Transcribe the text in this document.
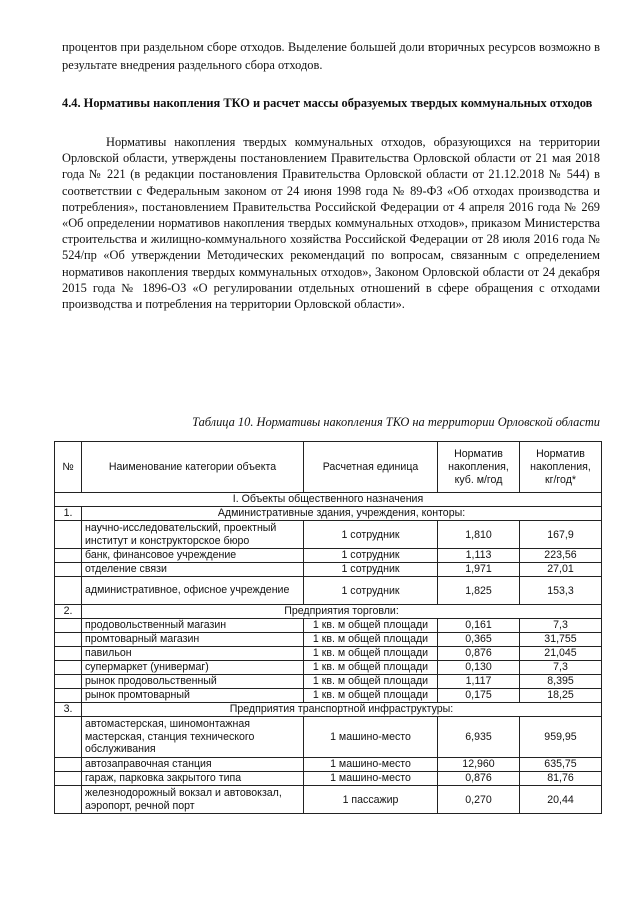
процентов при раздельном сборе отходов. Выделение большей доли вторичных ресурсов возможно в результате внедрения раздельного сбора отходов.

4.4. Нормативы накопления ТКО и расчет массы образуемых твердых коммунальных отходов

Нормативы накопления твердых коммунальных отходов, образующихся на территории Орловской области, утверждены постановлением Правительства Орловской области от 21 мая 2018 года № 221 (в редакции постановления Правительства Орловской области от 21.12.2018 № 544) в соответствии с Федеральным законом от 24 июня 1998 года № 89-ФЗ «Об отходах производства и потребления», постановлением Правительства Российской Федерации от 4 апреля 2016 года № 269 «Об определении нормативов накопления твердых коммунальных отходов», приказом Министерства строительства и жилищно-коммунального хозяйства Российской Федерации от 28 июля 2016 года № 524/пр «Об утверждении Методических рекомендаций по вопросам, связанным с определением нормативов накопления твердых коммунальных отходов», Законом Орловской области от 24 декабря 2015 года № 1896-ОЗ «О регулировании отдельных отношений в сфере обращения с отходами производства и потребления на территории Орловской области».

Таблица 10. Нормативы накопления ТКО на территории Орловской области

№	Наименование категории объекта	Расчетная единица	Норматив накопления, куб. м/год	Норматив накопления, кг/год*
I. Объекты общественного назначения				
1.	Административные здания, учреждения, конторы:			
	научно-исследовательский, проектный институт и конструкторское бюро	1 сотрудник	1,810	167,9
	банк, финансовое учреждение	1 сотрудник	1,113	223,56
	отделение связи	1 сотрудник	1,971	27,01
	административное, офисное учреждение	1 сотрудник	1,825	153,3
2.	Предприятия торговли:			
	продовольственный магазин	1 кв. м общей площади	0,161	7,3
	промтоварный магазин	1 кв. м общей площади	0,365	31,755
	павильон	1 кв. м общей площади	0,876	21,045
	супермаркет (универмаг)	1 кв. м общей площади	0,130	7,3
	рынок продовольственный	1 кв. м общей площади	1,117	8,395
	рынок промтоварный	1 кв. м общей площади	0,175	18,25
3.	Предприятия транспортной инфраструктуры:			
	автомастерская, шиномонтажная мастерская, станция технического обслуживания	1 машино-место	6,935	959,95
	автозаправочная станция	1 машино-место	12,960	635,75
	гараж, парковка закрытого типа	1 машино-место	0,876	81,76
	железнодорожный вокзал и автовокзал, аэропорт, речной порт	1 пассажир	0,270	20,44
